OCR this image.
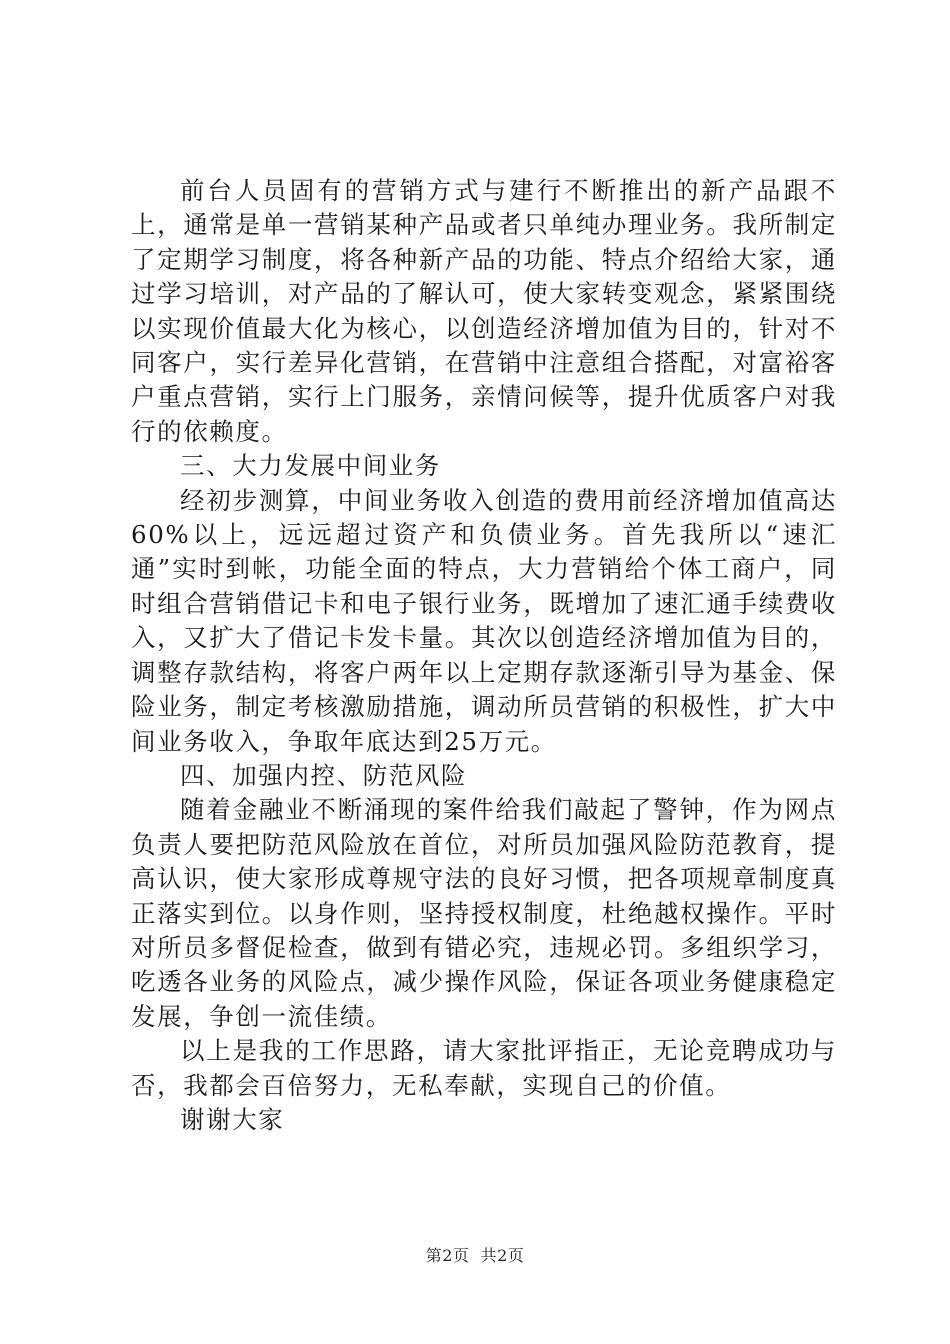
前台人员固有的营销方式与建行不断推出的新产品跟不上，通常是单一营销某种产品或者只单纯办理业务。我所制定了定期学习制度，将各种新产品的功能、特点介绍给大家，通过学习培训，对产品的了解认可，使大家转变观念，紧紧围绕以实现价值最大化为核心，以创造经济增加值为目的，针对不同客户，实行差异化营销，在营销中注意组合搭配，对富裕客户重点营销，实行上门服务，亲情问候等，提升优质客户对我行的依赖度。

三、大力发展中间业务

经初步测算，中间业务收入创造的费用前经济增加值高达60%以上，远远超过资产和负债业务。首先我所以“速汇通”实时到帐，功能全面的特点，大力营销给个体工商户，同时组合营销借记卡和电子银行业务，既增加了速汇通手续费收入，又扩大了借记卡发卡量。其次以创造经济增加值为目的，调整存款结构，将客户两年以上定期存款逐渐引导为基金、保险业务，制定考核激励措施，调动所员营销的积极性，扩大中间业务收入，争取年底达到25万元。

四、加强内控、防范风险

随着金融业不断涌现的案件给我们敲起了警钟，作为网点负责人要把防范风险放在首位，对所员加强风险防范教育，提高认识，使大家形成尊规守法的良好习惯，把各项规章制度真正落实到位。以身作则，坚持授权制度，杜绝越权操作。平时对所员多督促检查，做到有错必究，违规必罚。多组织学习，吃透各业务的风险点，减少操作风险，保证各项业务健康稳定发展，争创一流佳绩。

以上是我的工作思路，请大家批评指正，无论竞聘成功与否，我都会百倍努力，无私奉献，实现自己的价值。

谢谢大家

第2页  共2页
